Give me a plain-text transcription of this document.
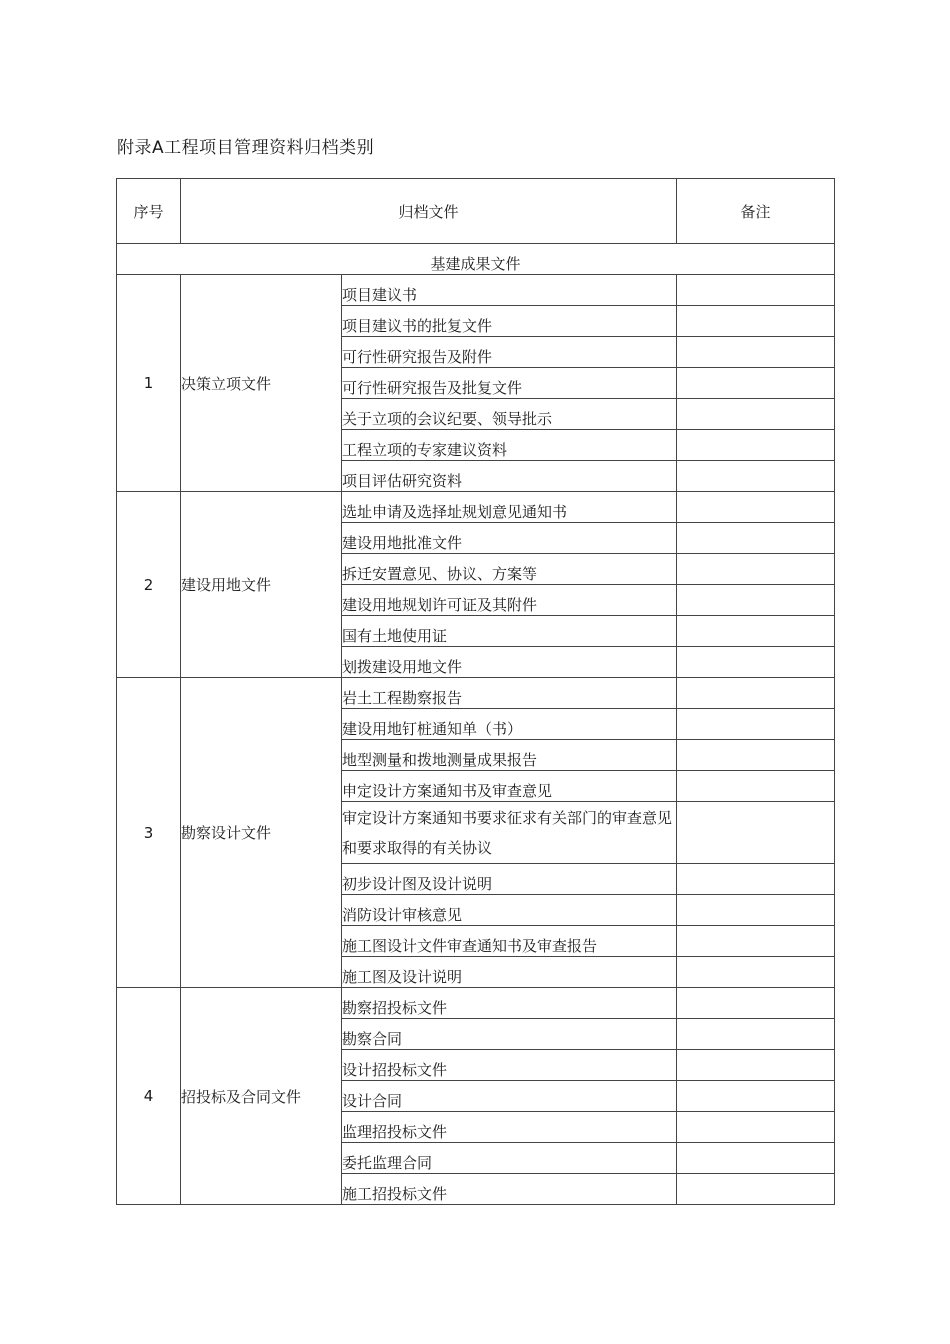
附录A工程项目管理资料归档类别
序号	归档文件		备注
基建成果文件			
1	决策立项文件	项目建议书	
		项目建议书的批复文件	
		可行性研究报告及附件	
		可行性研究报告及批复文件	
		关于立项的会议纪要、领导批示	
		工程立项的专家建议资料	
		项目评估研究资料	
2	建设用地文件	选址申请及选择址规划意见通知书	
		建设用地批准文件	
		拆迁安置意见、协议、方案等	
		建设用地规划许可证及其附件	
		国有土地使用证	
		划拨建设用地文件	
3	勘察设计文件	岩土工程勘察报告	
		建设用地钉桩通知单（书）	
		地型测量和拨地测量成果报告	
		申定设计方案通知书及审查意见	
		审定设计方案通知书要求征求有关部门的审查意见和要求取得的有关协议	
		初步设计图及设计说明	
		消防设计审核意见	
		施工图设计文件审查通知书及审查报告	
		施工图及设计说明	
4	招投标及合同文件	勘察招投标文件	
		勘察合同	
		设计招投标文件	
		设计合同	
		监理招投标文件	
		委托监理合同	
		施工招投标文件	
